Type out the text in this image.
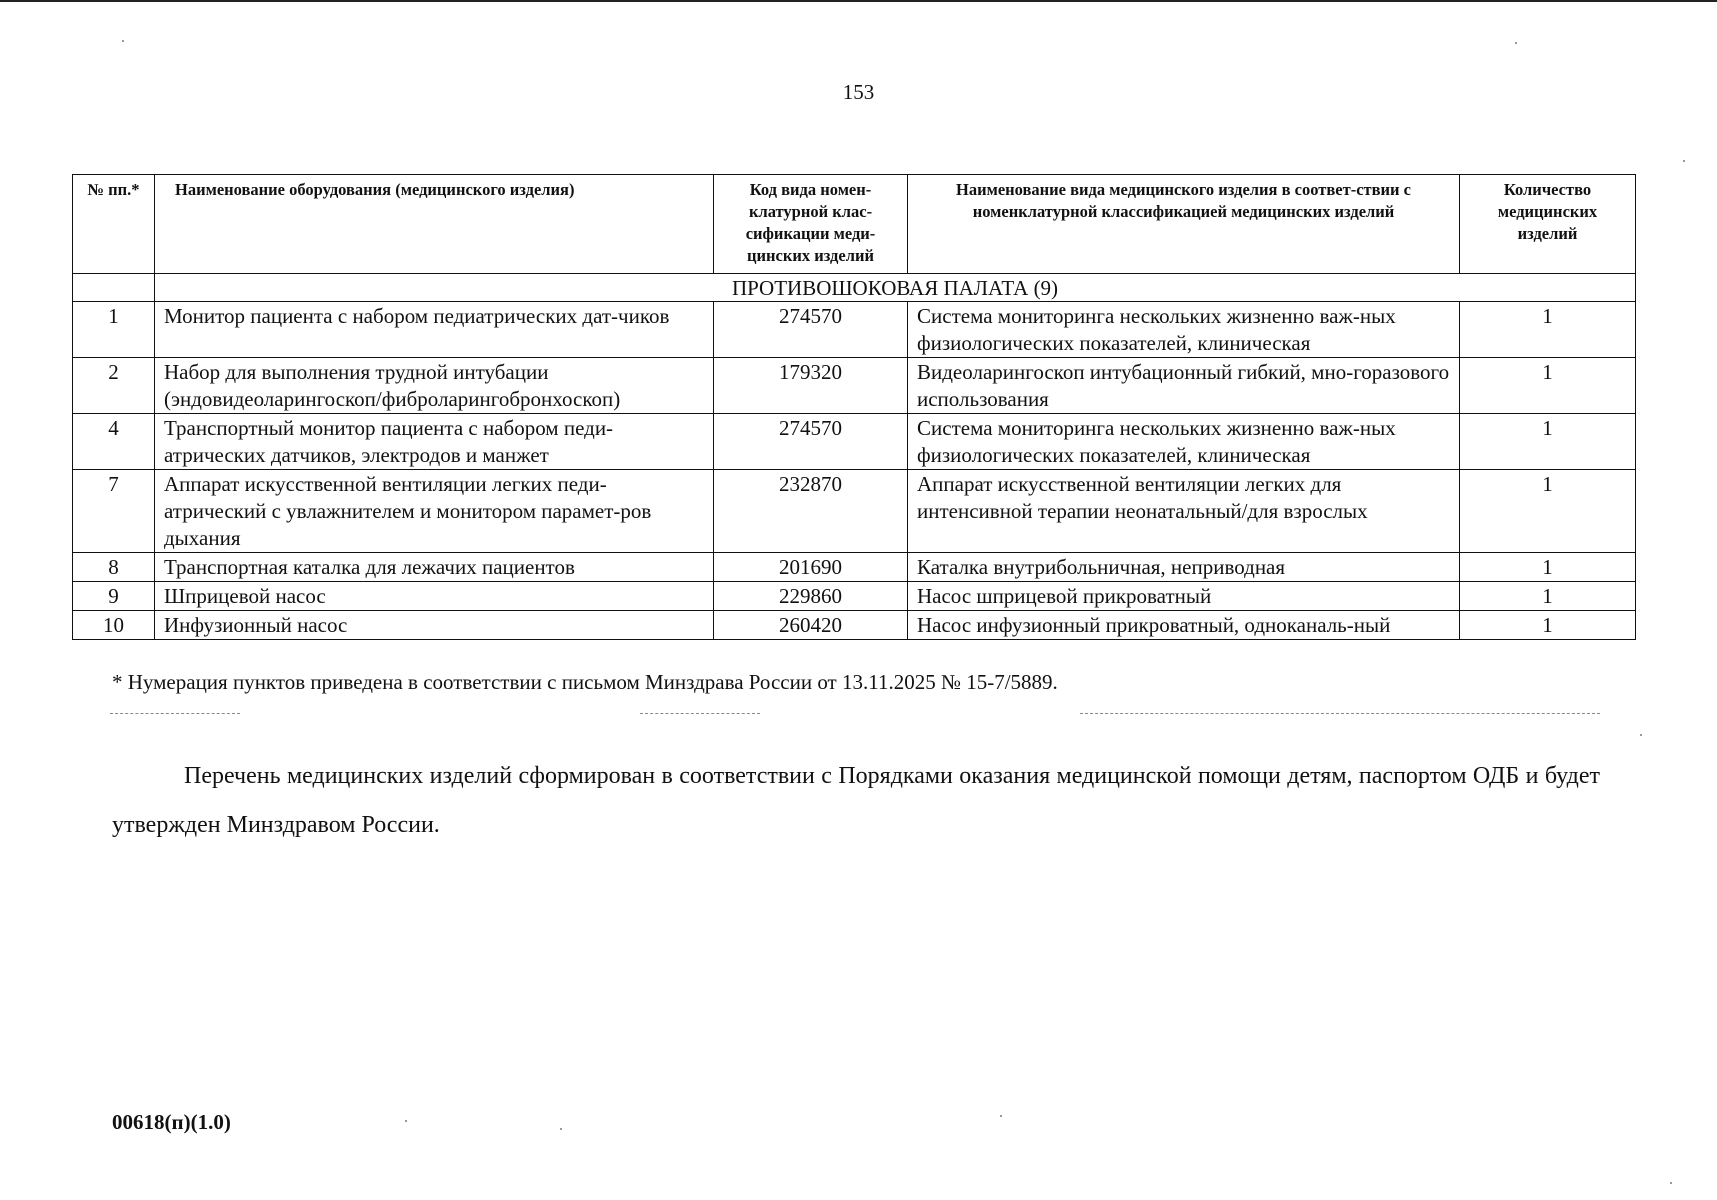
153
№ пп.*	Наименование оборудования (медицинского изделия)	Код вида номен-клатурной клас-сификации меди-цинских изделий	Наименование вида медицинского изделия в соответ-ствии с номенклатурной классификацией медицинских изделий	Количество медицинских изделий
	ПРОТИВОШОКОВАЯ ПАЛАТА (9)			
1	Монитор пациента с набором педиатрических дат-чиков	274570	Система мониторинга нескольких жизненно важ-ных физиологических показателей, клиническая	1
2	Набор для выполнения трудной интубации (эндовидеоларингоскоп/фиброларингобронхоскоп)	179320	Видеоларингоскоп интубационный гибкий, мно-горазового использования	1
4	Транспортный монитор пациента с набором педи-атрических датчиков, электродов и манжет	274570	Система мониторинга нескольких жизненно важ-ных физиологических показателей, клиническая	1
7	Аппарат искусственной вентиляции легких педи-атрический с увлажнителем и монитором парамет-ров дыхания	232870	Аппарат искусственной вентиляции легких для интенсивной терапии неонатальный/для взрослых	1
8	Транспортная каталка для лежачих пациентов	201690	Каталка внутрибольничная, неприводная	1
9	Шприцевой насос	229860	Насос шприцевой прикроватный	1
10	Инфузионный насос	260420	Насос инфузионный прикроватный, одноканаль-ный	1
* Нумерация пунктов приведена в соответствии с письмом Минздрава России от 13.11.2025 № 15-7/5889.
Перечень медицинских изделий сформирован в соответствии с Порядками оказания медицинской помощи детям, паспортом ОДБ и будет утвержден Минздравом России.
00618(п)(1.0)
